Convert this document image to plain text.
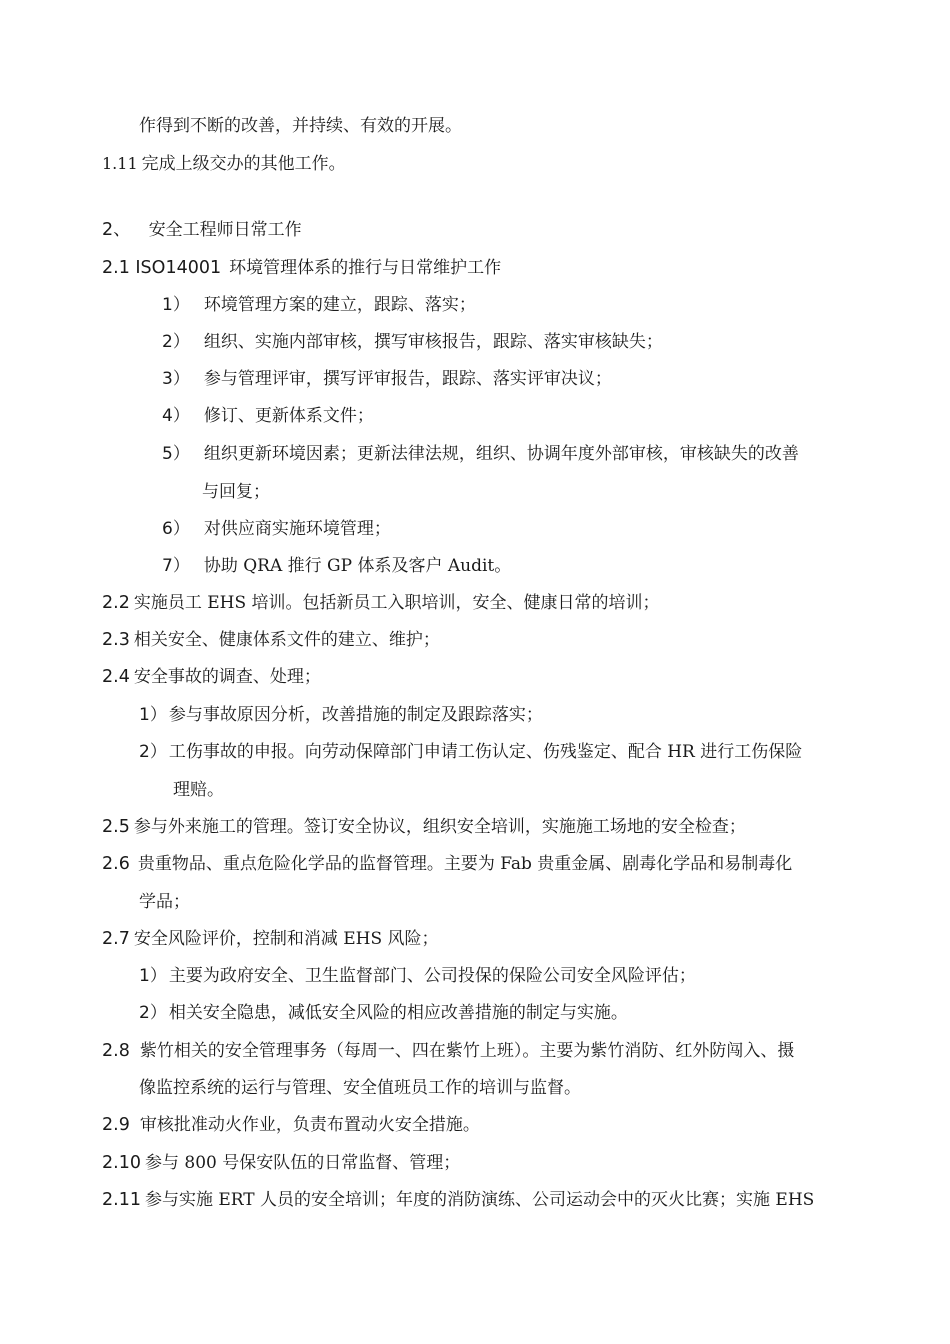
作得到不断的改善，并持续、有效的开展。
1.11 完成上级交办的其他工作。
2、 安全工程师日常工作
2.1 ISO14001 环境管理体系的推行与日常维护工作
1） 环境管理方案的建立，跟踪、落实；
2） 组织、实施内部审核，撰写审核报告，跟踪、落实审核缺失；
3） 参与管理评审，撰写评审报告，跟踪、落实评审决议；
4） 修订、更新体系文件；
5） 组织更新环境因素；更新法律法规，组织、协调年度外部审核，审核缺失的改善
与回复；
6） 对供应商实施环境管理；
7） 协助 QRA 推行 GP 体系及客户 Audit。
2.2 实施员工 EHS 培训。包括新员工入职培训，安全、健康日常的培训；
2.3 相关安全、健康体系文件的建立、维护；
2.4 安全事故的调查、处理；
1） 参与事故原因分析，改善措施的制定及跟踪落实；
2） 工伤事故的申报。向劳动保障部门申请工伤认定、伤残鉴定、配合 HR 进行工伤保险
理赔。
2.5 参与外来施工的管理。签订安全协议，组织安全培训，实施施工场地的安全检查；
2.6 贵重物品、重点危险化学品的监督管理。主要为 Fab 贵重金属、剧毒化学品和易制毒化
学品；
2.7 安全风险评价，控制和消减 EHS 风险；
1） 主要为政府安全、卫生监督部门、公司投保的保险公司安全风险评估；
2） 相关安全隐患，减低安全风险的相应改善措施的制定与实施。
2.8 紫竹相关的安全管理事务（每周一、四在紫竹上班）。主要为紫竹消防、红外防闯入、摄
像监控系统的运行与管理、安全值班员工作的培训与监督。
2.9 审核批准动火作业，负责布置动火安全措施。
2.10 参与 800 号保安队伍的日常监督、管理；
2.11 参与实施 ERT 人员的安全培训；年度的消防演练、公司运动会中的灭火比赛；实施 EHS
